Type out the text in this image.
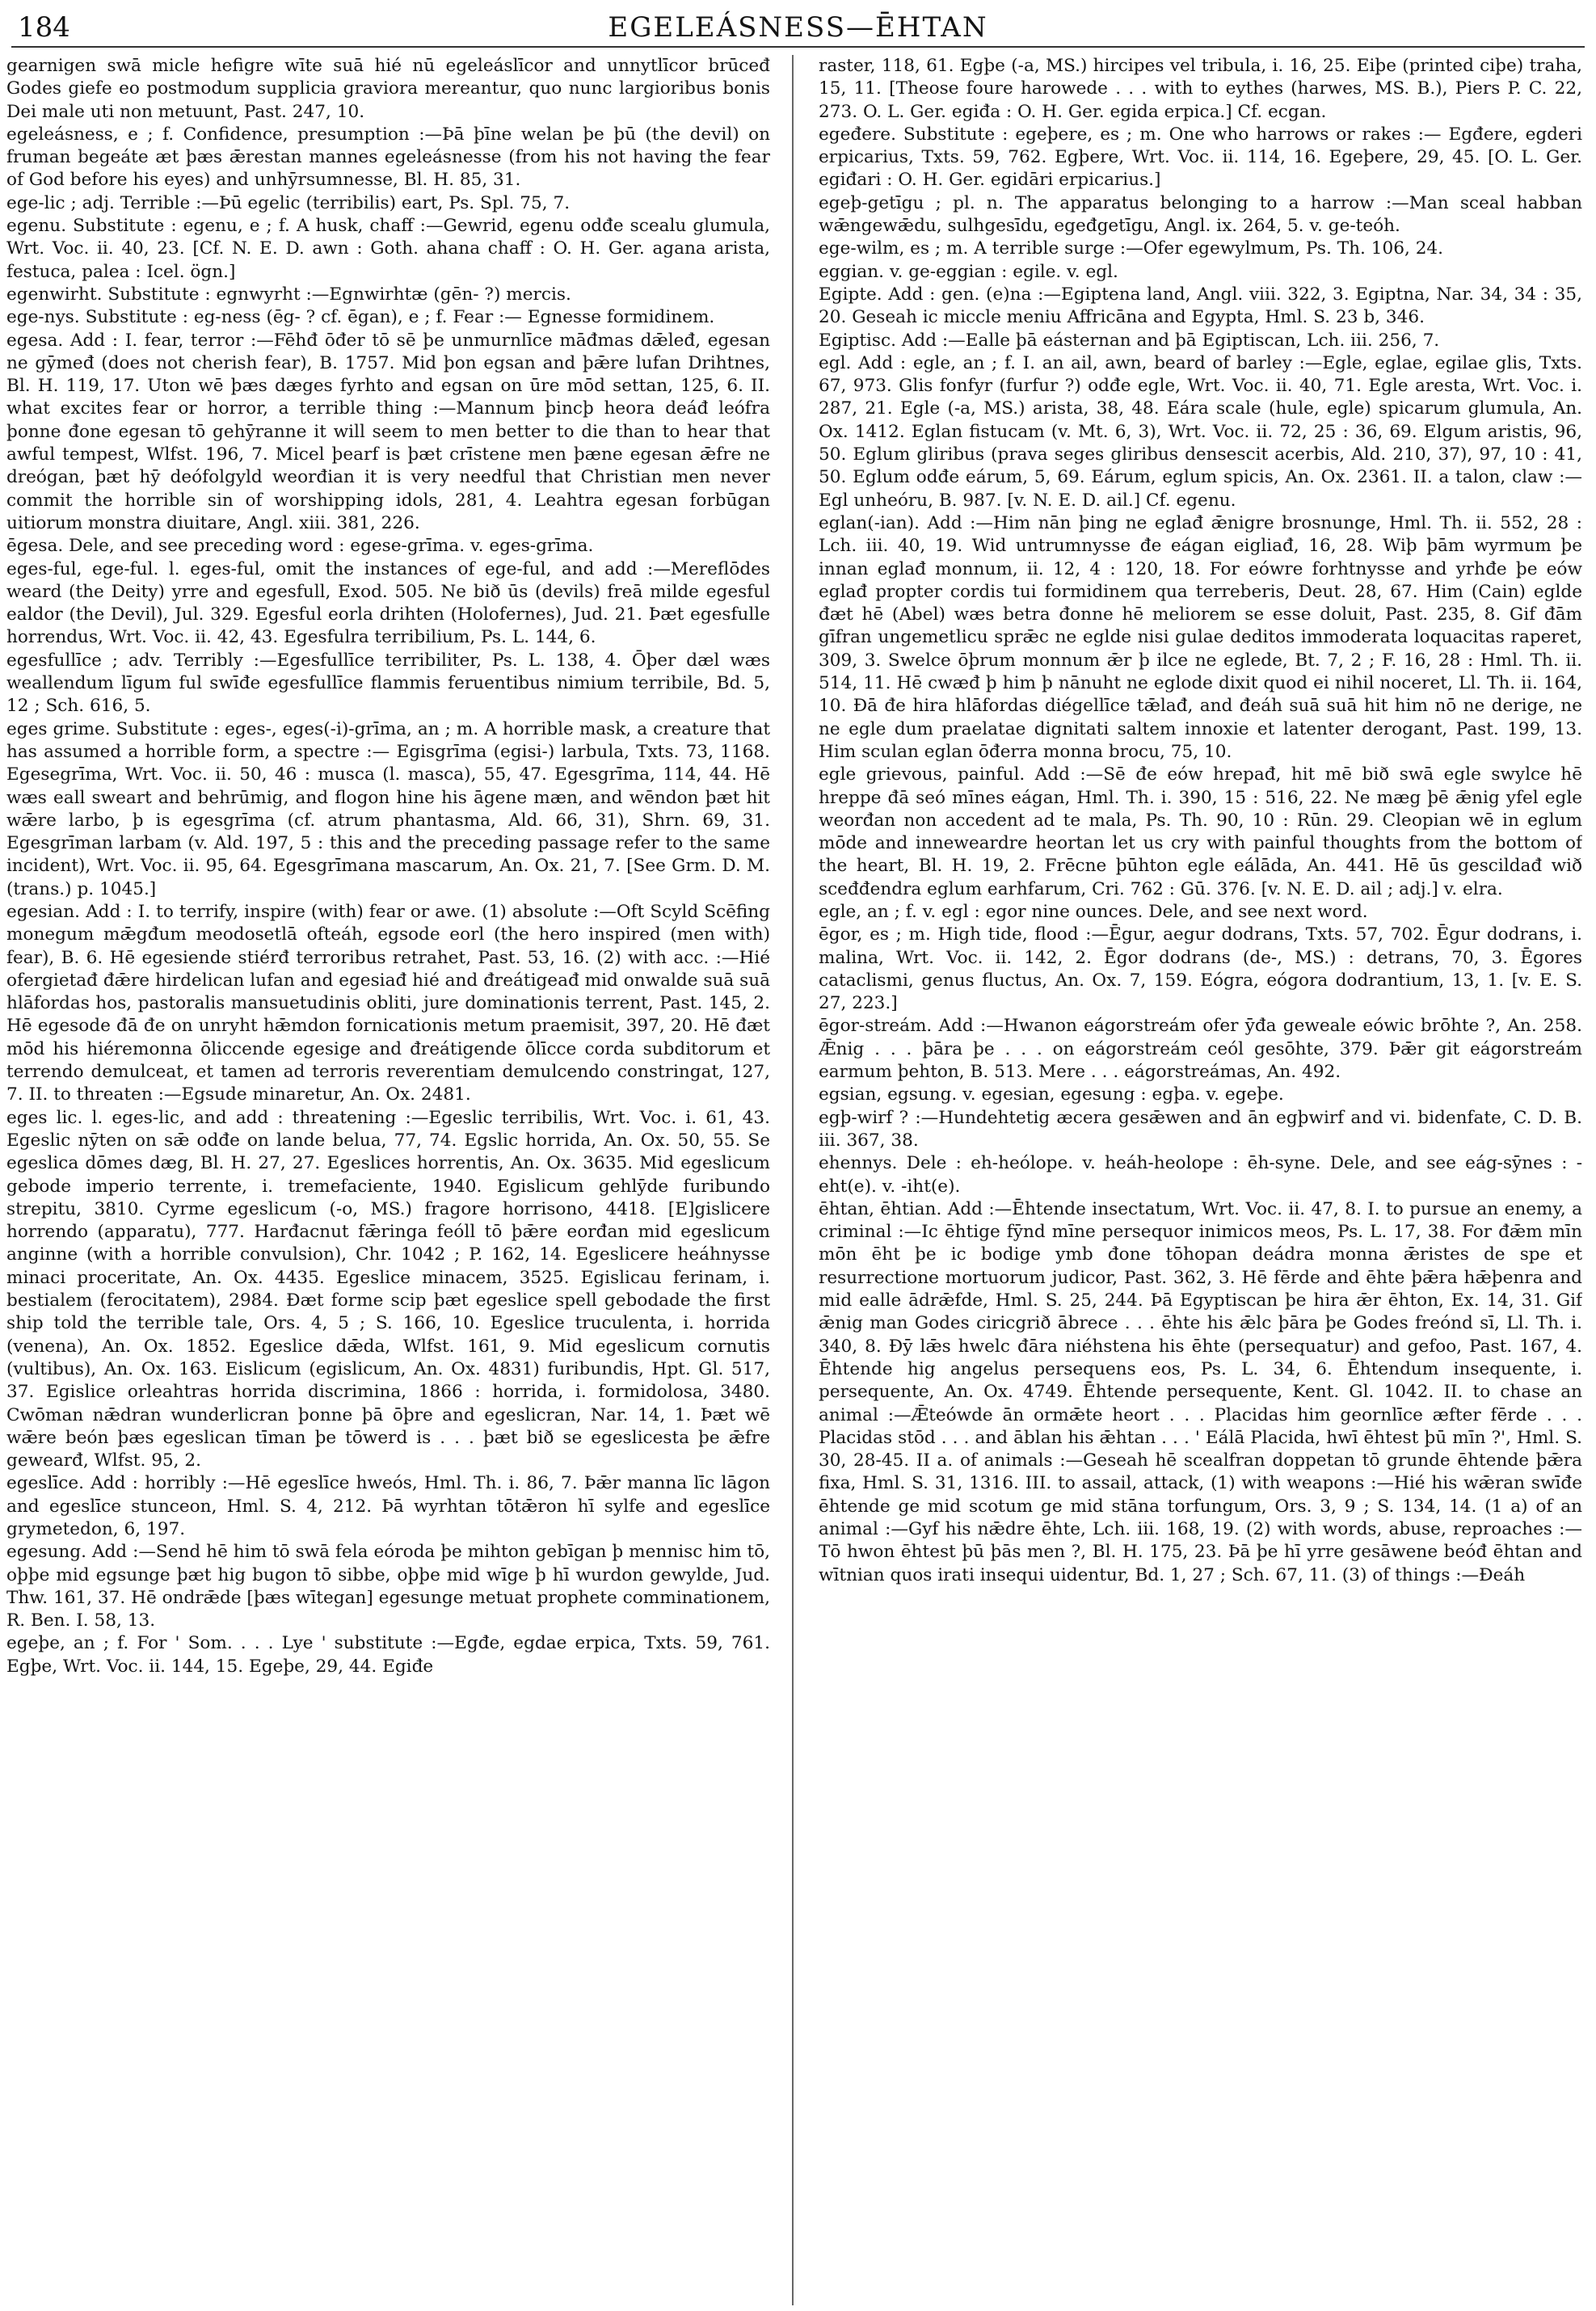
184	EGELEÁSNESS—ĒHTAN

gearnigen swā micle hefigre wīte suā hié nū egeleáslīcor and unnytlīcor brūceđ Godes giefe eo postmodum supplicia graviora mereantur, quo nunc largioribus bonis Dei male uti non metuunt, Past. 247, 10.

egeleásness, e ; f. Confidence, presumption :—Þā þīne welan þe þū (the devil) on fruman begeáte æt þæs ǣrestan mannes egeleásnesse (from his not having the fear of God before his eyes) and unhȳrsumnesse, Bl. H. 85, 31.

ege-lic ; adj. Terrible :—Þū egelic (terribilis) eart, Ps. Spl. 75, 7.

egenu. Substitute : egenu, e ; f. A husk, chaff :—Gewrid, egenu odđe scealu glumula, Wrt. Voc. ii. 40, 23. [Cf. N. E. D. awn : Goth. ahana chaff : O. H. Ger. agana arista, festuca, palea : Icel. ögn.]

egenwirht. Substitute : egnwyrht :—Egnwirhtæ (gēn- ?) mercis.

ege-nys. Substitute : eg-ness (ēg- ? cf. ēgan), e ; f. Fear :— Egnesse formidinem.

egesa. Add : I. fear, terror :—Fēhđ ōđer tō sē þe unmurnlīce māđmas dǣleđ, egesan ne gȳmeđ (does not cherish fear), B. 1757. Mid þon egsan and þǣre lufan Drihtnes, Bl. H. 119, 17. Uton wē þæs dæges fyrhto and egsan on ūre mōd settan, 125, 6. II. what excites fear or horror, a terrible thing :—Mannum þincþ heora deáđ leófra þonne đone egesan tō gehȳranne it will seem to men better to die than to hear that awful tempest, Wlfst. 196, 7. Micel þearf is þæt crīstene men þæne egesan ǣfre ne dreógan, þæt hȳ deófolgyld weorđian it is very needful that Christian men never commit the horrible sin of worshipping idols, 281, 4. Leahtra egesan forbūgan uitiorum monstra diuitare, Angl. xiii. 381, 226.

ēgesa. Dele, and see preceding word : egese-grīma. v. eges-grīma.

eges-ful, ege-ful. l. eges-ful, omit the instances of ege-ful, and add :—Mereflōdes weard (the Deity) yrre and egesfull, Exod. 505. Ne bið ūs (devils) freā milde egesful ealdor (the Devil), Jul. 329. Egesful eorla drihten (Holofernes), Jud. 21. Þæt egesfulle horrendus, Wrt. Voc. ii. 42, 43. Egesfulra terribilium, Ps. L. 144, 6.

egesfullīce ; adv. Terribly :—Egesfullīce terribiliter, Ps. L. 138, 4. Ōþer dæl wæs weallendum līgum ful swīđe egesfullīce flammis feruentibus nimium terribile, Bd. 5, 12 ; Sch. 616, 5.

eges grime. Substitute : eges-, eges(-i)-grīma, an ; m. A horrible mask, a creature that has assumed a horrible form, a spectre :— Egisgrīma (egisi-) larbula, Txts. 73, 1168. Egesegrīma, Wrt. Voc. ii. 50, 46 : musca (l. masca), 55, 47. Egesgrīma, 114, 44. Hē wæs eall sweart and behrūmig, and flogon hine his āgene mæn, and wēndon þæt hit wǣre larbo, þ is egesgrīma (cf. atrum phantasma, Ald. 66, 31), Shrn. 69, 31. Egesgrīman larbam (v. Ald. 197, 5 : this and the preceding passage refer to the same incident), Wrt. Voc. ii. 95, 64. Egesgrīmana mascarum, An. Ox. 21, 7. [See Grm. D. M. (trans.) p. 1045.]

egesian. Add : I. to terrify, inspire (with) fear or awe. (1) absolute :—Oft Scyld Scēfing monegum mǣgđum meodosetlā ofteáh, egsode eorl (the hero inspired (men with) fear), B. 6. Hē egesiende stiérđ terroribus retrahet, Past. 53, 16. (2) with acc. :—Hié ofergietađ đǣre hirdelican lufan and egesiađ hié and đreátigeađ mid onwalde suā suā hlāfordas hos, pastoralis mansuetudinis obliti, jure dominationis terrent, Past. 145, 2. Hē egesode đā đe on unryht hǣmdon fornicationis metum praemisit, 397, 20. Hē đæt mōd his hiéremonna ōliccende egesige and đreátigende ōlīcce corda subditorum et terrendo demulceat, et tamen ad terroris reverentiam demulcendo constringat, 127, 7. II. to threaten :—Egsude minaretur, An. Ox. 2481.

eges lic. l. eges-lic, and add : threatening :—Egeslic terribilis, Wrt. Voc. i. 61, 43. Egeslic nȳten on sǣ odđe on lande belua, 77, 74. Egslic horrida, An. Ox. 50, 55. Se egeslica dōmes dæg, Bl. H. 27, 27. Egeslices horrentis, An. Ox. 3635. Mid egeslicum gebode imperio terrente, i. tremefaciente, 1940. Egislicum gehlȳde furibundo strepitu, 3810. Cyrme egeslicum (-o, MS.) fragore horrisono, 4418. [E]gislicere horrendo (apparatu), 777. Harđacnut fǣringa feóll tō þǣre eorđan mid egeslicum anginne (with a horrible convulsion), Chr. 1042 ; P. 162, 14. Egeslicere heáhnysse minaci proceritate, An. Ox. 4435. Egeslice minacem, 3525. Egislicau ferinam, i. bestialem (ferocitatem), 2984. Đæt forme scip þæt egeslice spell gebodade the first ship told the terrible tale, Ors. 4, 5 ; S. 166, 10. Egeslice truculenta, i. horrida (venena), An. Ox. 1852. Egeslice dǣda, Wlfst. 161, 9. Mid egeslicum cornutis (vultibus), An. Ox. 163. Eislicum (egislicum, An. Ox. 4831) furibundis, Hpt. Gl. 517, 37. Egislice orleahtras horrida discrimina, 1866 : horrida, i. formidolosa, 3480. Cwōman nǣdran wunderlicran þonne þā ōþre and egeslicran, Nar. 14, 1. Þæt wē wǣre beón þæs egeslican tīman þe tōwerd is . . . þæt bið se egeslicesta þe ǣfre gewearđ, Wlfst. 95, 2.

egeslīce. Add : horribly :—Hē egeslīce hweós, Hml. Th. i. 86, 7. Þǣr manna līc lāgon and egeslīce stunceon, Hml. S. 4, 212. Þā wyrhtan tōtǣron hī sylfe and egeslīce grymetedon, 6, 197.

egesung. Add :—Send hē him tō swā fela eóroda þe mihton gebīgan þ mennisc him tō, oþþe mid egsunge þæt hig bugon tō sibbe, oþþe mid wīge þ hī wurdon gewylde, Jud. Thw. 161, 37. Hē ondrǣde [þæs wītegan] egesunge metuat prophete comminationem, R. Ben. I. 58, 13.

egeþe, an ; f. For ' Som. . . . Lye ' substitute :—Egđe, egdae erpica, Txts. 59, 761. Egþe, Wrt. Voc. ii. 144, 15. Egeþe, 29, 44. Egiđe

raster, 118, 61. Egþe (-a, MS.) hircipes vel tribula, i. 16, 25. Eiþe (printed ciþe) traha, 15, 11. [Theose foure harowede . . . with to eythes (harwes, MS. B.), Piers P. C. 22, 273. O. L. Ger. egiđa : O. H. Ger. egida erpica.] Cf. ecgan.

egeđere. Substitute : egeþere, es ; m. One who harrows or rakes :— Egđere, egderi erpicarius, Txts. 59, 762. Egþere, Wrt. Voc. ii. 114, 16. Egeþere, 29, 45. [O. L. Ger. egiđari : O. H. Ger. egidāri erpicarius.]

egeþ-getīgu ; pl. n. The apparatus belonging to a harrow :—Man sceal habban wǣngewǣdu, sulhgesīdu, egeđgetīgu, Angl. ix. 264, 5. v. ge-teóh.

ege-wilm, es ; m. A terrible surge :—Ofer egewylmum, Ps. Th. 106, 24.

eggian. v. ge-eggian : egile. v. egl.

Egipte. Add : gen. (e)na :—Egiptena land, Angl. viii. 322, 3. Egiptna, Nar. 34, 34 : 35, 20. Geseah ic miccle meniu Affricāna and Egypta, Hml. S. 23 b, 346.

Egiptisc. Add :—Ealle þā eásternan and þā Egiptiscan, Lch. iii. 256, 7.

egl. Add : egle, an ; f. I. an ail, awn, beard of barley :—Egle, eglae, egilae glis, Txts. 67, 973. Glis fonfyr (furfur ?) odđe egle, Wrt. Voc. ii. 40, 71. Egle aresta, Wrt. Voc. i. 287, 21. Egle (-a, MS.) arista, 38, 48. Eára scale (hule, egle) spicarum glumula, An. Ox. 1412. Eglan fistucam (v. Mt. 6, 3), Wrt. Voc. ii. 72, 25 : 36, 69. Elgum aristis, 96, 50. Eglum gliribus (prava seges gliribus densescit acerbis, Ald. 210, 37), 97, 10 : 41, 50. Eglum odđe eárum, 5, 69. Eárum, eglum spicis, An. Ox. 2361. II. a talon, claw :—Egl unheóru, B. 987. [v. N. E. D. ail.] Cf. egenu.

eglan(-ian). Add :—Him nān þing ne eglađ ǣnigre brosnunge, Hml. Th. ii. 552, 28 : Lch. iii. 40, 19. Wid untrumnysse đe eágan eigliađ, 16, 28. Wiþ þām wyrmum þe innan eglađ monnum, ii. 12, 4 : 120, 18. For eówre forhtnysse and yrhđe þe eów eglađ propter cordis tui formidinem qua terreberis, Deut. 28, 67. Him (Cain) eglde đæt hē (Abel) wæs betra đonne hē meliorem se esse doluit, Past. 235, 8. Gif đām gīfran ungemetlicu sprǣc ne eglde nisi gulae deditos immoderata loquacitas raperet, 309, 3. Swelce ōþrum monnum ǣr þ ilce ne eglede, Bt. 7, 2 ; F. 16, 28 : Hml. Th. ii. 514, 11. Hē cwæđ þ him þ nānuht ne eglode dixit quod ei nihil noceret, Ll. Th. ii. 164, 10. Đā đe hira hlāfordas diégellīce tǣlađ, and đeáh suā suā hit him nō ne derige, ne ne egle dum praelatae dignitati saltem innoxie et latenter derogant, Past. 199, 13. Him sculan eglan ōđerra monna brocu, 75, 10.

egle grievous, painful. Add :—Sē đe eów hrepađ, hit mē bið swā egle swylce hē hreppe đā seó mīnes eágan, Hml. Th. i. 390, 15 : 516, 22. Ne mæg þē ǣnig yfel egle weorđan non accedent ad te mala, Ps. Th. 90, 10 : Rūn. 29. Cleopian wē in eglum mōde and inneweardre heortan let us cry with painful thoughts from the bottom of the heart, Bl. H. 19, 2. Frēcne þūhton egle eálāda, An. 441. Hē ūs gescildađ wið sceđđendra eglum earhfarum, Cri. 762 : Gū. 376. [v. N. E. D. ail ; adj.] v. elra.

egle, an ; f. v. egl : egor nine ounces. Dele, and see next word.

ēgor, es ; m. High tide, flood :—Ēgur, aegur dodrans, Txts. 57, 702. Ēgur dodrans, i. malina, Wrt. Voc. ii. 142, 2. Ēgor dodrans (de-, MS.) : detrans, 70, 3. Ēgores cataclismi, genus fluctus, An. Ox. 7, 159. Eógra, eógora dodrantium, 13, 1. [v. E. S. 27, 223.]

ēgor-streám. Add :—Hwanon eágorstreám ofer ȳđa geweale eówic brōhte ?, An. 258. Ǣnig . . . þāra þe . . . on eágorstreám ceól gesōhte, 379. Þǣr git eágorstreám earmum þehton, B. 513. Mere . . . eágorstreámas, An. 492.

egsian, egsung. v. egesian, egesung : egþa. v. egeþe.

egþ-wirf ? :—Hundehtetig æcera gesǣwen and ān egþwirf and vi. bidenfate, C. D. B. iii. 367, 38.

ehennys. Dele : eh-heólope. v. heáh-heolope : ēh-syne. Dele, and see eág-sȳnes : -eht(e). v. -iht(e).

ēhtan, ēhtian. Add :—Ēhtende insectatum, Wrt. Voc. ii. 47, 8. I. to pursue an enemy, a criminal :—Ic ēhtige fȳnd mīne persequor inimicos meos, Ps. L. 17, 38. For đǣm mīn mōn ēht þe ic bodige ymb đone tōhopan deádra monna ǣristes de spe et resurrectione mortuorum judicor, Past. 362, 3. Hē fērde and ēhte þǣra hǣþenra and mid ealle ādrǣfde, Hml. S. 25, 244. Þā Egyptiscan þe hira ǣr ēhton, Ex. 14, 31. Gif ǣnig man Godes ciricgrið ābrece . . . ēhte his ǣlc þāra þe Godes freónd sī, Ll. Th. i. 340, 8. Đȳ lǣs hwelc đāra niéhstena his ēhte (persequatur) and gefoo, Past. 167, 4. Ēhtende hig angelus persequens eos, Ps. L. 34, 6. Ēhtendum insequente, i. persequente, An. Ox. 4749. Ēhtende persequente, Kent. Gl. 1042. II. to chase an animal :—Ǣteówde ān ormǣte heort . . . Placidas him geornlīce æfter fērde . . . Placidas stōd . . . and āblan his ǣhtan . . . ' Eálā Placida, hwī ēhtest þū mīn ?', Hml. S. 30, 28-45. II a. of animals :—Geseah hē scealfran doppetan tō grunde ēhtende þǣra fixa, Hml. S. 31, 1316. III. to assail, attack, (1) with weapons :—Hié his wǣran swīđe ēhtende ge mid scotum ge mid stāna torfungum, Ors. 3, 9 ; S. 134, 14. (1 a) of an animal :—Gyf his nǣdre ēhte, Lch. iii. 168, 19. (2) with words, abuse, reproaches :—Tō hwon ēhtest þū þās men ?, Bl. H. 175, 23. Þā þe hī yrre gesāwene beóđ ēhtan and wītnian quos irati insequi uidentur, Bd. 1, 27 ; Sch. 67, 11. (3) of things :—Đeáh
